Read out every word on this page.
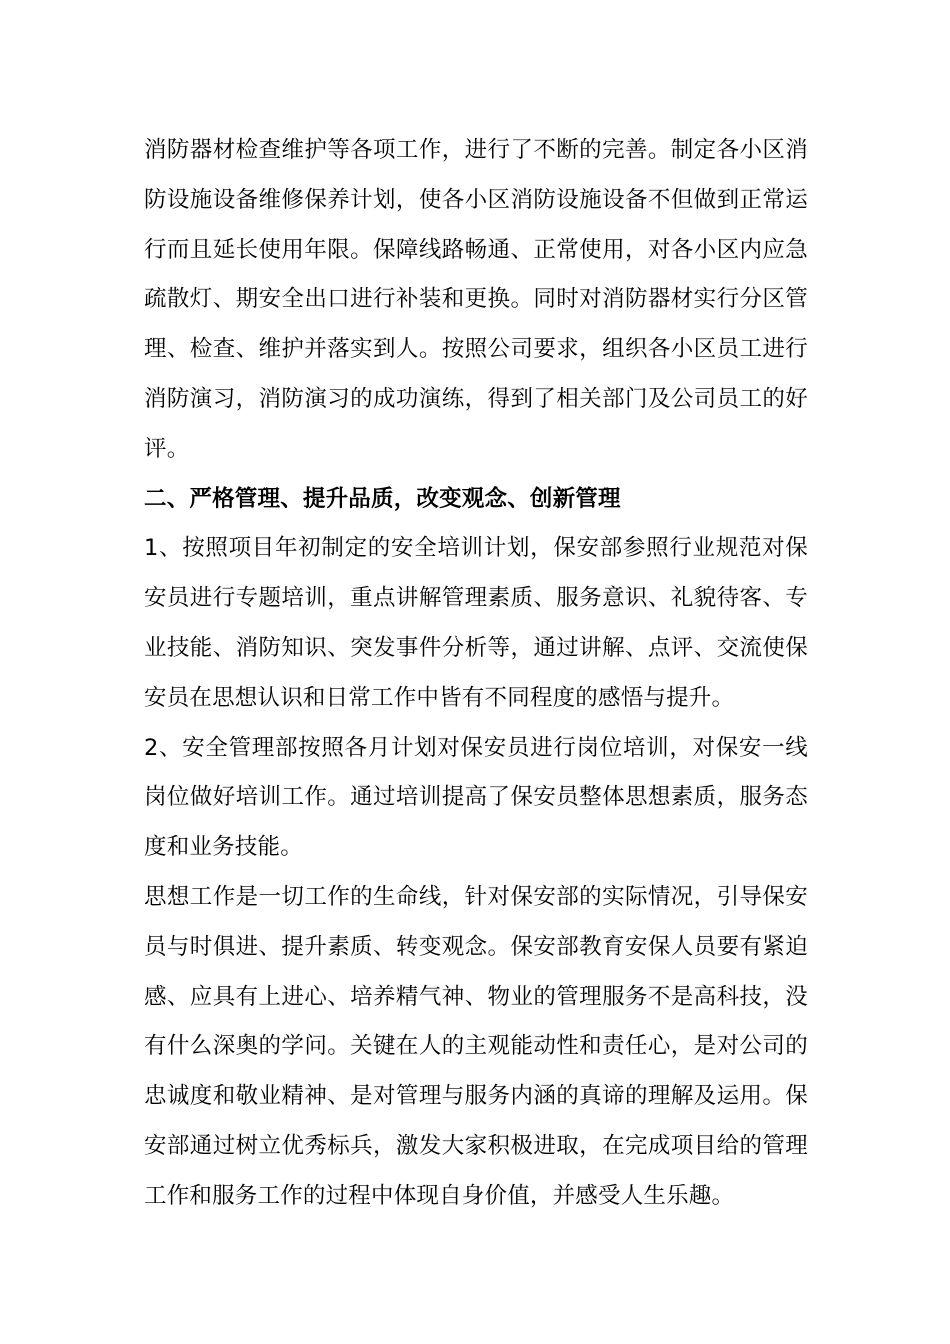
消防器材检查维护等各项工作，进行了不断的完善。制定各小区消防设施设备维修保养计划，使各小区消防设施设备不但做到正常运行而且延长使用年限。保障线路畅通、正常使用，对各小区内应急疏散灯、期安全出口进行补装和更换。同时对消防器材实行分区管理、检查、维护并落实到人。按照公司要求，组织各小区员工进行消防演习，消防演习的成功演练，得到了相关部门及公司员工的好评。

二、严格管理、提升品质，改变观念、创新管理

1、按照项目年初制定的安全培训计划，保安部参照行业规范对保安员进行专题培训，重点讲解管理素质、服务意识、礼貌待客、专业技能、消防知识、突发事件分析等，通过讲解、点评、交流使保安员在思想认识和日常工作中皆有不同程度的感悟与提升。

2、安全管理部按照各月计划对保安员进行岗位培训，对保安一线岗位做好培训工作。通过培训提高了保安员整体思想素质，服务态度和业务技能。

思想工作是一切工作的生命线，针对保安部的实际情况，引导保安员与时俱进、提升素质、转变观念。保安部教育安保人员要有紧迫感、应具有上进心、培养精气神、物业的管理服务不是高科技，没有什么深奥的学问。关键在人的主观能动性和责任心，是对公司的忠诚度和敬业精神、是对管理与服务内涵的真谛的理解及运用。保安部通过树立优秀标兵，激发大家积极进取，在完成项目给的管理工作和服务工作的过程中体现自身价值，并感受人生乐趣。
